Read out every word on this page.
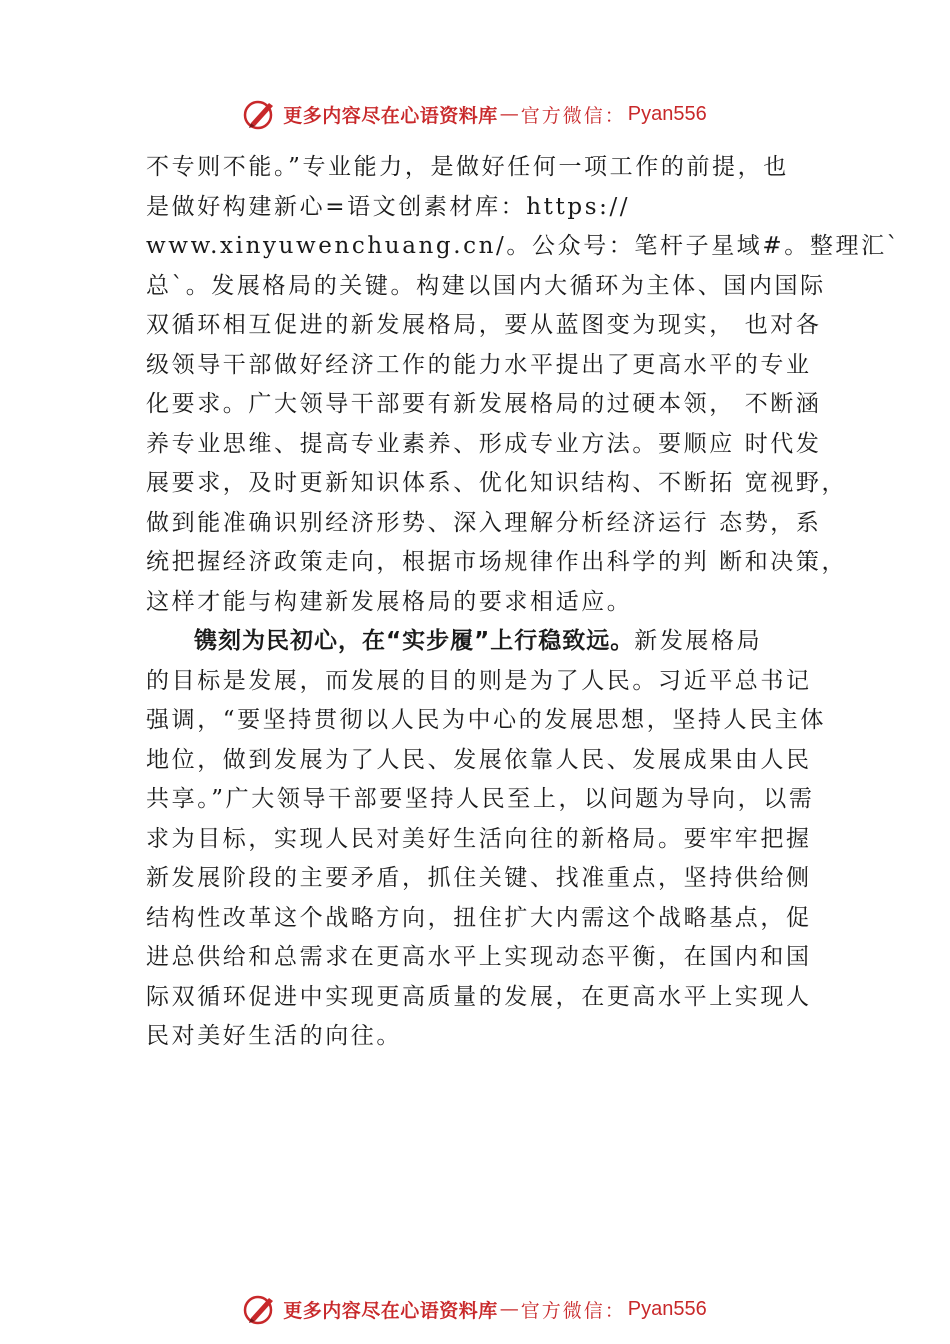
更多内容尽在心语资料库 — 官方微信： Pyan556
不专则不能。”专业能力，是做好任何一项工作的前提，也
是做好构建新心=语文创素材库：https://
www.xinyuwenchuang.cn/。公众号：笔杆子星域#。整理汇`
总`。发展格局的关键。构建以国内大循环为主体、国内国际
双循环相互促进的新发展格局，要从蓝图变为现实， 也对各
级领导干部做好经济工作的能力水平提出了更高水平的专业
化要求。广大领导干部要有新发展格局的过硬本领， 不断涵
养专业思维、提高专业素养、形成专业方法。要顺应 时代发
展要求，及时更新知识体系、优化知识结构、不断拓 宽视野，
做到能准确识别经济形势、深入理解分析经济运行 态势，系
统把握经济政策走向，根据市场规律作出科学的判 断和决策，
这样才能与构建新发展格局的要求相适应。
镌刻为民初心，在“实步履”上行稳致远。新发展格局
的目标是发展，而发展的目的则是为了人民。习近平总书记
强调，“要坚持贯彻以人民为中心的发展思想，坚持人民主体
地位，做到发展为了人民、发展依靠人民、发展成果由人民
共享。”广大领导干部要坚持人民至上，以问题为导向，以需
求为目标，实现人民对美好生活向往的新格局。要牢牢把握
新发展阶段的主要矛盾，抓住关键、找准重点，坚持供给侧
结构性改革这个战略方向，扭住扩大内需这个战略基点，促
进总供给和总需求在更高水平上实现动态平衡，在国内和国
际双循环促进中实现更高质量的发展，在更高水平上实现人
民对美好生活的向往。
更多内容尽在心语资料库 — 官方微信： Pyan556
